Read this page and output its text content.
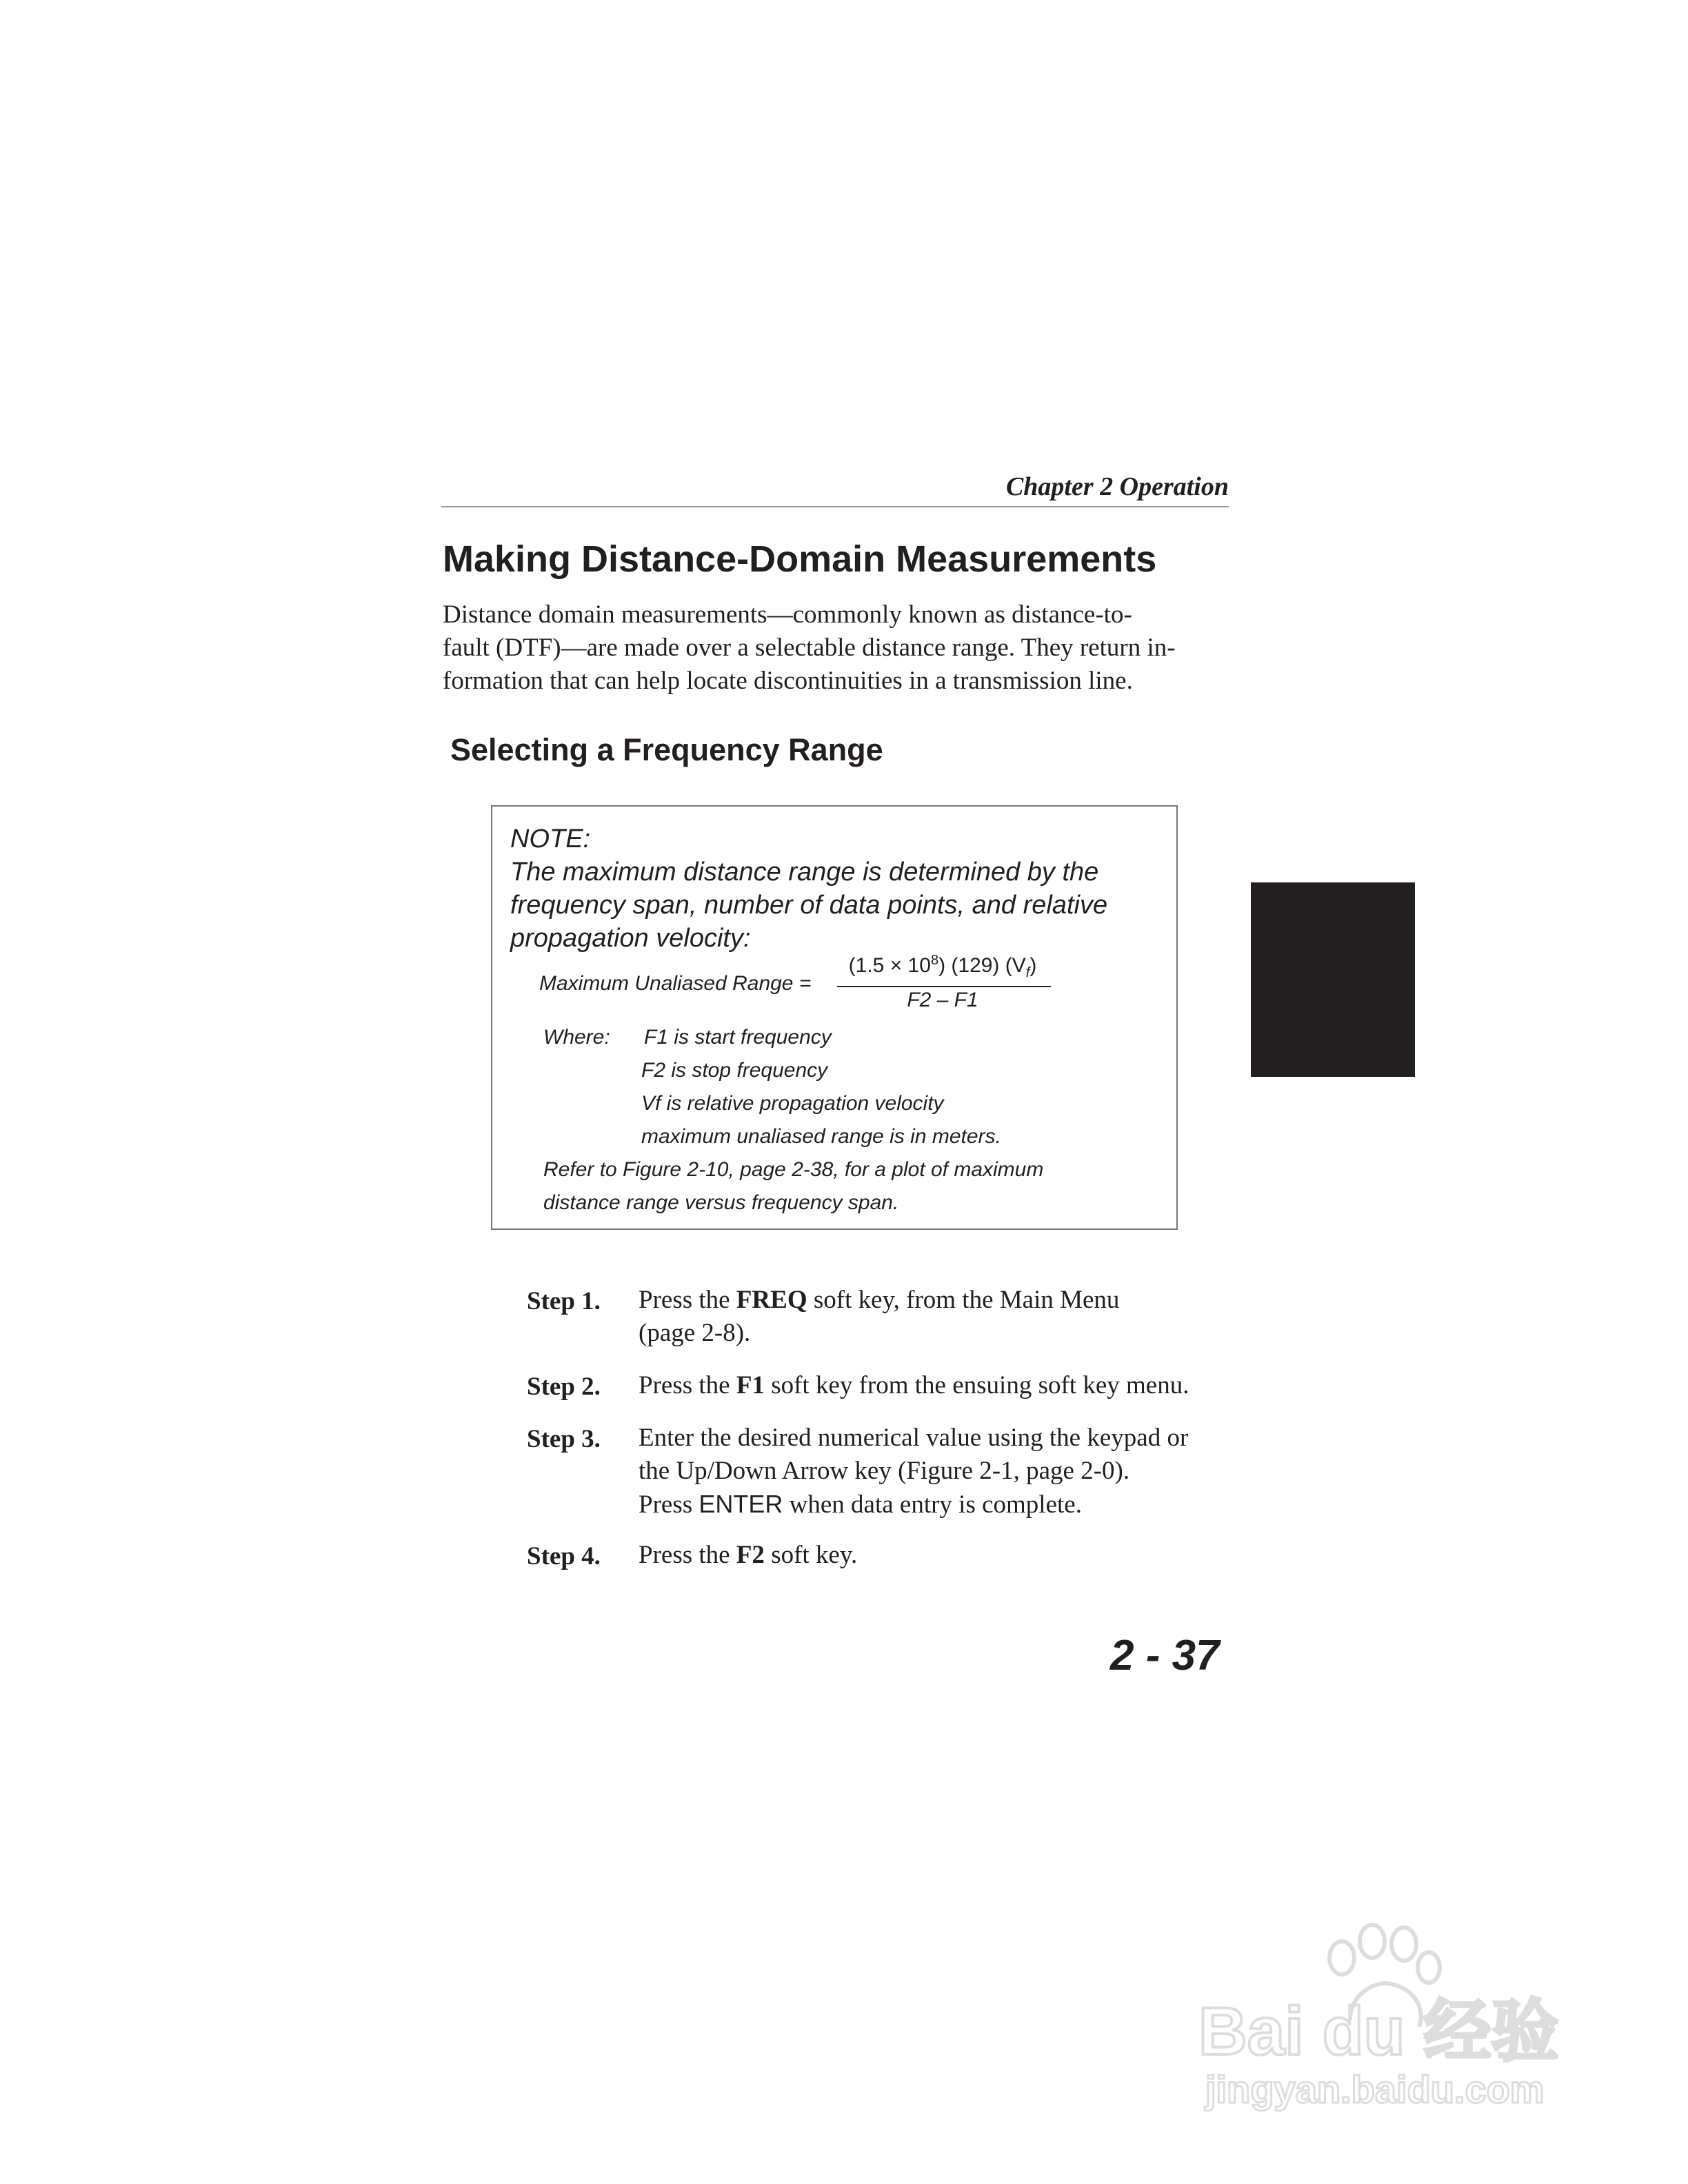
Chapter 2 Operation
Making Distance-Domain Measurements
Distance domain measurements—commonly known as distance-to-
fault (DTF)—are made over a selectable distance range. They return in-
formation that can help locate discontinuities in a transmission line.
Selecting a Frequency Range
NOTE:
The maximum distance range is determined by the
frequency span, number of data points, and relative
propagation velocity:
Maximum Unaliased Range =
$(1.5 \times 10^8)$ (129) $(V_f)$
F2 – F1
Where: F1 is start frequency
F2 is stop frequency
Vf is relative propagation velocity
maximum unaliased range is in meters.
Refer to Figure 2-10, page 2-38, for a plot of maximum
distance range versus frequency span.
Step 1. Press the FREQ soft key, from the Main Menu
(page 2-8).
Step 2. Press the F1 soft key from the ensuing soft key menu.
Step 3. Enter the desired numerical value using the keypad or
the Up/Down Arrow key (Figure 2-1, page 2-0).
Press ENTER when data entry is complete.
Step 4. Press the F2 soft key.
2 - 37
Bai du 经验
jingyan.baidu.com
